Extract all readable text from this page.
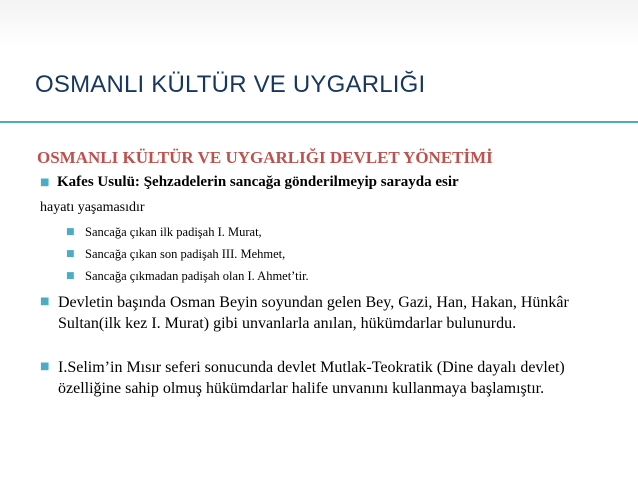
OSMANLI KÜLTÜR VE UYGARLIĞI
OSMANLI KÜLTÜR VE UYGARLIĞI DEVLET YÖNETİMİ
■ Kafes Usulü: Şehzadelerin sancağa gönderilmeyip sarayda esir
hayatı yaşamasıdır
■ Sancağa çıkan ilk padişah I. Murat,
■ Sancağa çıkan son padişah III. Mehmet,
■ Sancağa çıkmadan padişah olan I. Ahmet’tir.
■ Devletin başında Osman Beyin soyundan gelen Bey, Gazi, Han, Hakan, Hünkâr Sultan(ilk kez I. Murat) gibi unvanlarla anılan, hükümdarlar bulunurdu.
■ I.Selim’in Mısır seferi sonucunda devlet Mutlak-Teokratik (Dine dayalı devlet) özelliğine sahip olmuş hükümdarlar halife unvanını kullanmaya başlamıştır.
